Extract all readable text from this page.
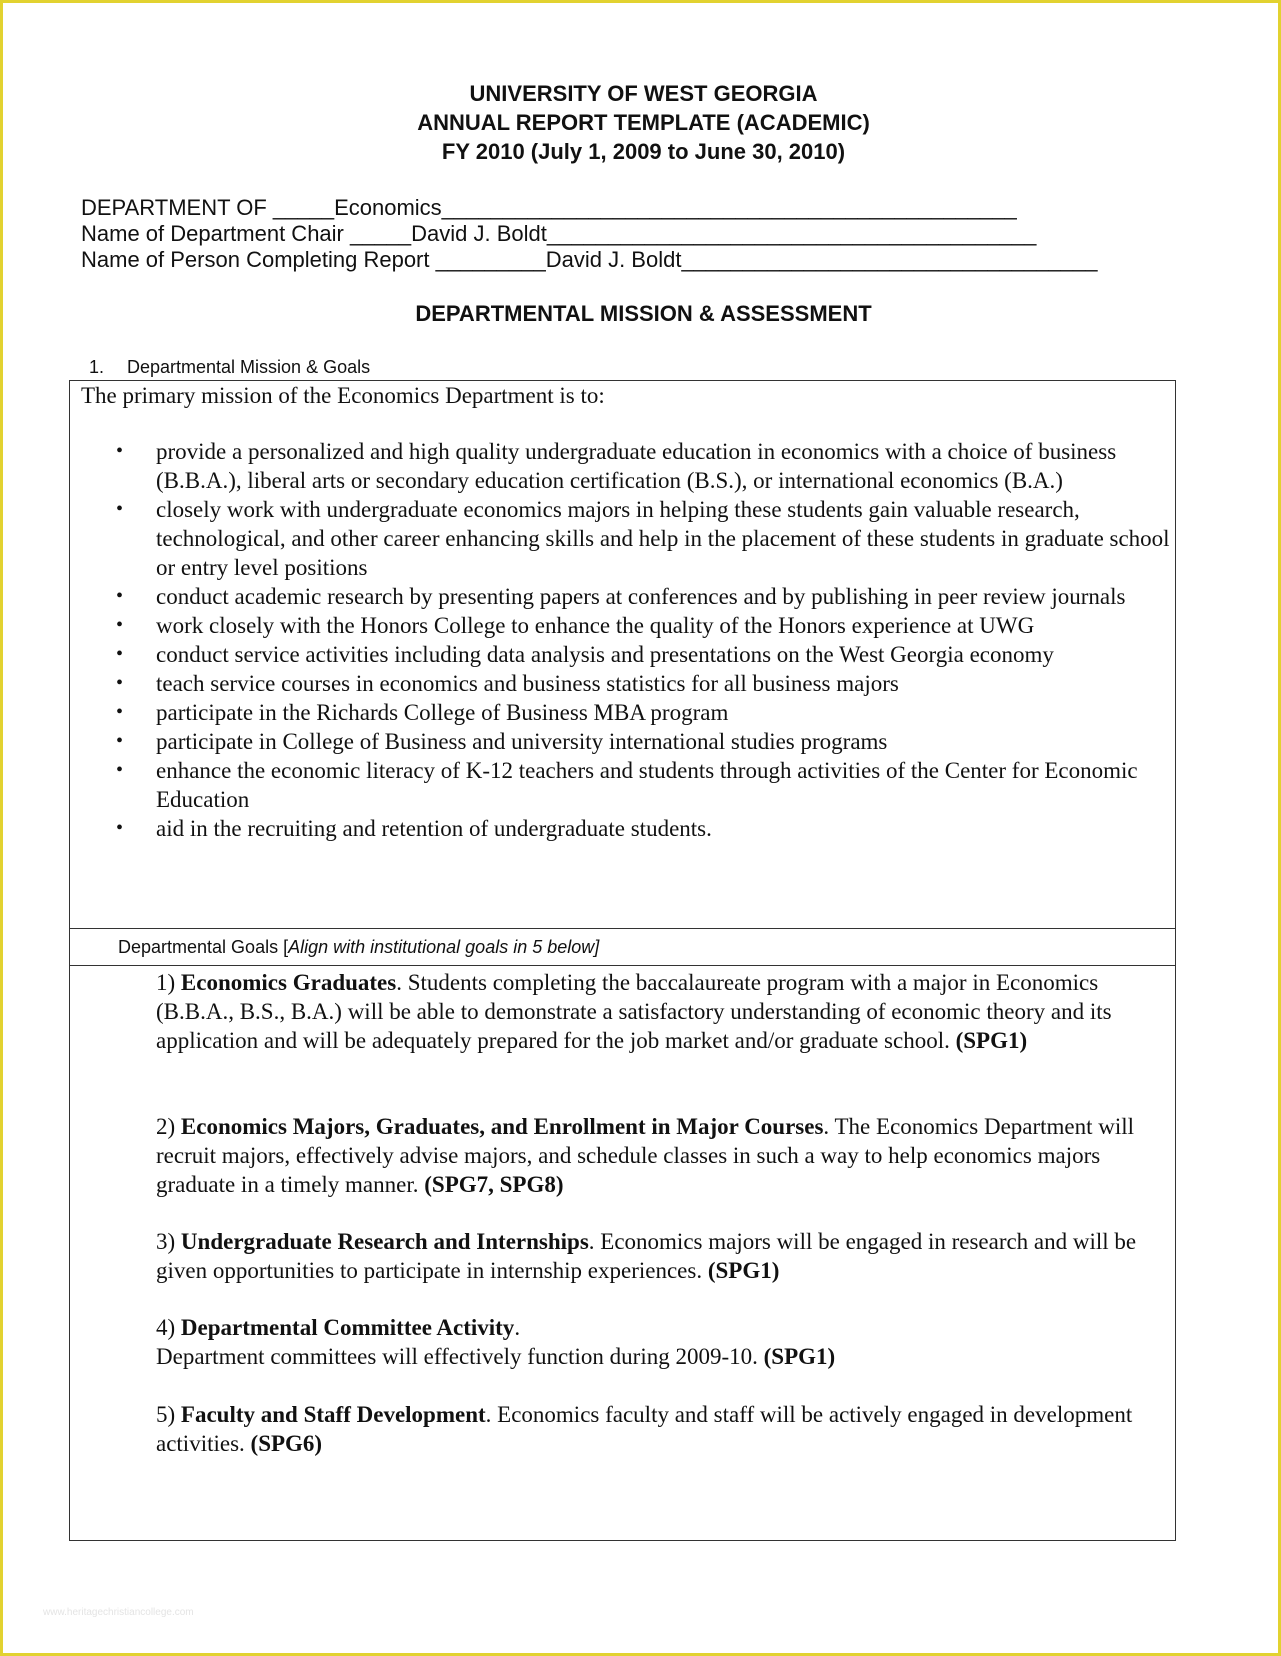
UNIVERSITY OF WEST GEORGIA
ANNUAL REPORT TEMPLATE (ACADEMIC)
FY 2010 (July 1, 2009 to June 30, 2010)
DEPARTMENT OF _____Economics_______________________________________________
Name of Department Chair _____David J. Boldt________________________________________
Name of Person Completing Report _________David J. Boldt__________________________________
DEPARTMENTAL MISSION & ASSESSMENT
1. Departmental Mission & Goals
The primary mission of the Economics Department is to:
• provide a personalized and high quality undergraduate education in economics with a choice of business (B.B.A.), liberal arts or secondary education certification (B.S.), or international economics (B.A.)
• closely work with undergraduate economics majors in helping these students gain valuable research, technological, and other career enhancing skills and help in the placement of these students in graduate school or entry level positions
• conduct academic research by presenting papers at conferences and by publishing in peer review journals
• work closely with the Honors College to enhance the quality of the Honors experience at UWG
• conduct service activities including data analysis and presentations on the West Georgia economy
• teach service courses in economics and business statistics for all business majors
• participate in the Richards College of Business MBA program
• participate in College of Business and university international studies programs
• enhance the economic literacy of K-12 teachers and students through activities of the Center for Economic Education
• aid in the recruiting and retention of undergraduate students.
Departmental Goals [Align with institutional goals in 5 below]
1) Economics Graduates. Students completing the baccalaureate program with a major in Economics (B.B.A., B.S., B.A.) will be able to demonstrate a satisfactory understanding of economic theory and its application and will be adequately prepared for the job market and/or graduate school. (SPG1)
2) Economics Majors, Graduates, and Enrollment in Major Courses. The Economics Department will recruit majors, effectively advise majors, and schedule classes in such a way to help economics majors graduate in a timely manner. (SPG7, SPG8)
3) Undergraduate Research and Internships. Economics majors will be engaged in research and will be given opportunities to participate in internship experiences. (SPG1)
4) Departmental Committee Activity.
Department committees will effectively function during 2009-10. (SPG1)
5) Faculty and Staff Development. Economics faculty and staff will be actively engaged in development activities. (SPG6)
www.heritagechristiancollege.com
